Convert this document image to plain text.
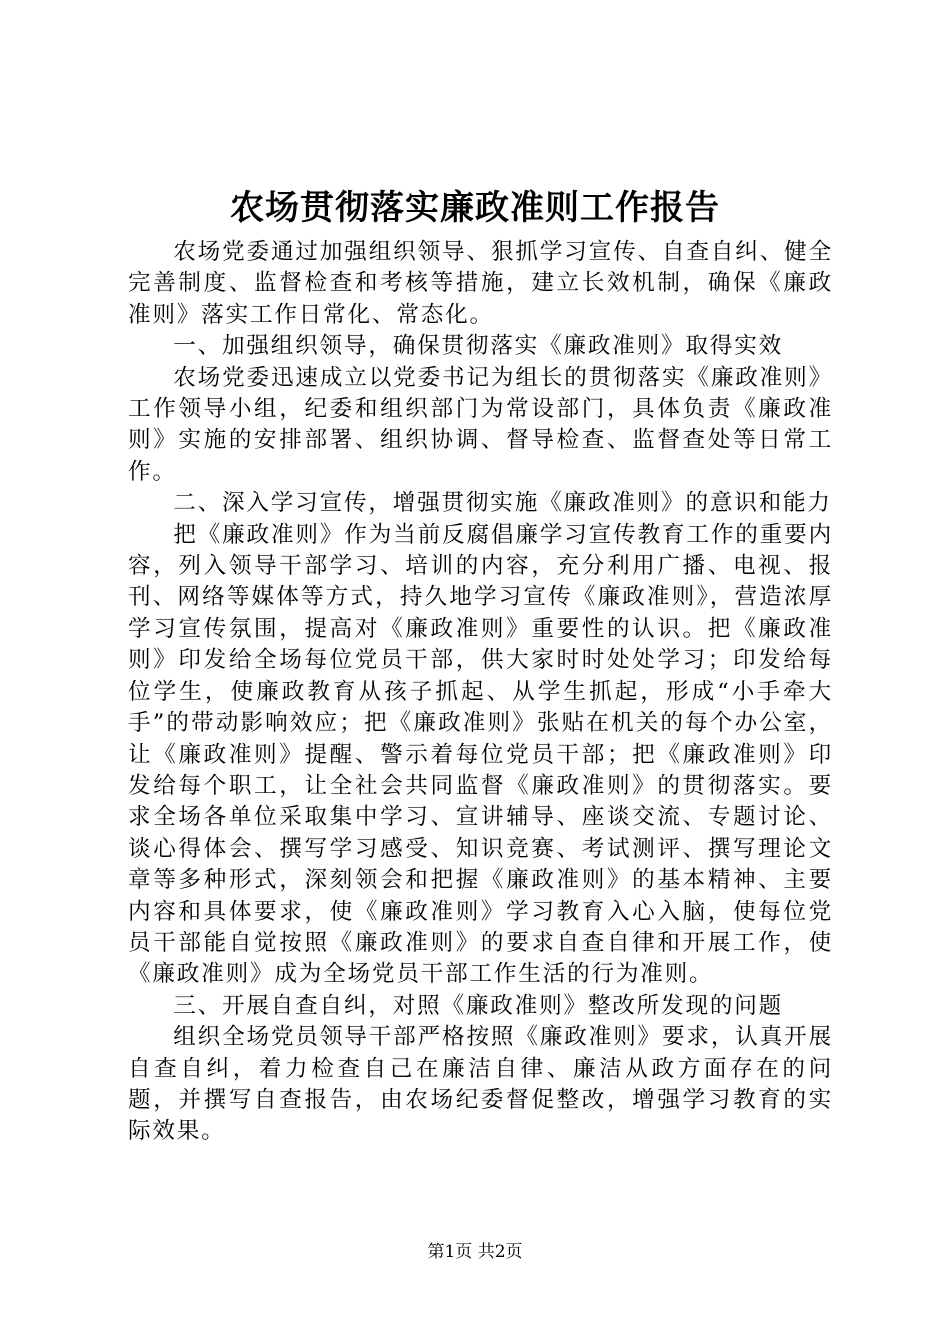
农场贯彻落实廉政准则工作报告

农场党委通过加强组织领导、狠抓学习宣传、自查自纠、健全完善制度、监督检查和考核等措施，建立长效机制，确保《廉政准则》落实工作日常化、常态化。

一、加强组织领导，确保贯彻落实《廉政准则》取得实效

农场党委迅速成立以党委书记为组长的贯彻落实《廉政准则》工作领导小组，纪委和组织部门为常设部门，具体负责《廉政准则》实施的安排部署、组织协调、督导检查、监督查处等日常工作。

二、深入学习宣传，增强贯彻实施《廉政准则》的意识和能力

把《廉政准则》作为当前反腐倡廉学习宣传教育工作的重要内容，列入领导干部学习、培训的内容，充分利用广播、电视、报刊、网络等媒体等方式，持久地学习宣传《廉政准则》，营造浓厚学习宣传氛围，提高对《廉政准则》重要性的认识。把《廉政准则》印发给全场每位党员干部，供大家时时处处学习；印发给每位学生，使廉政教育从孩子抓起、从学生抓起，形成“小手牵大手”的带动影响效应；把《廉政准则》张贴在机关的每个办公室，让《廉政准则》提醒、警示着每位党员干部；把《廉政准则》印发给每个职工，让全社会共同监督《廉政准则》的贯彻落实。要求全场各单位采取集中学习、宣讲辅导、座谈交流、专题讨论、谈心得体会、撰写学习感受、知识竞赛、考试测评、撰写理论文章等多种形式，深刻领会和把握《廉政准则》的基本精神、主要内容和具体要求，使《廉政准则》学习教育入心入脑，使每位党员干部能自觉按照《廉政准则》的要求自查自律和开展工作，使《廉政准则》成为全场党员干部工作生活的行为准则。

三、开展自查自纠，对照《廉政准则》整改所发现的问题

组织全场党员领导干部严格按照《廉政准则》要求，认真开展自查自纠，着力检查自己在廉洁自律、廉洁从政方面存在的问题，并撰写自查报告，由农场纪委督促整改，增强学习教育的实际效果。

第1页 共2页
